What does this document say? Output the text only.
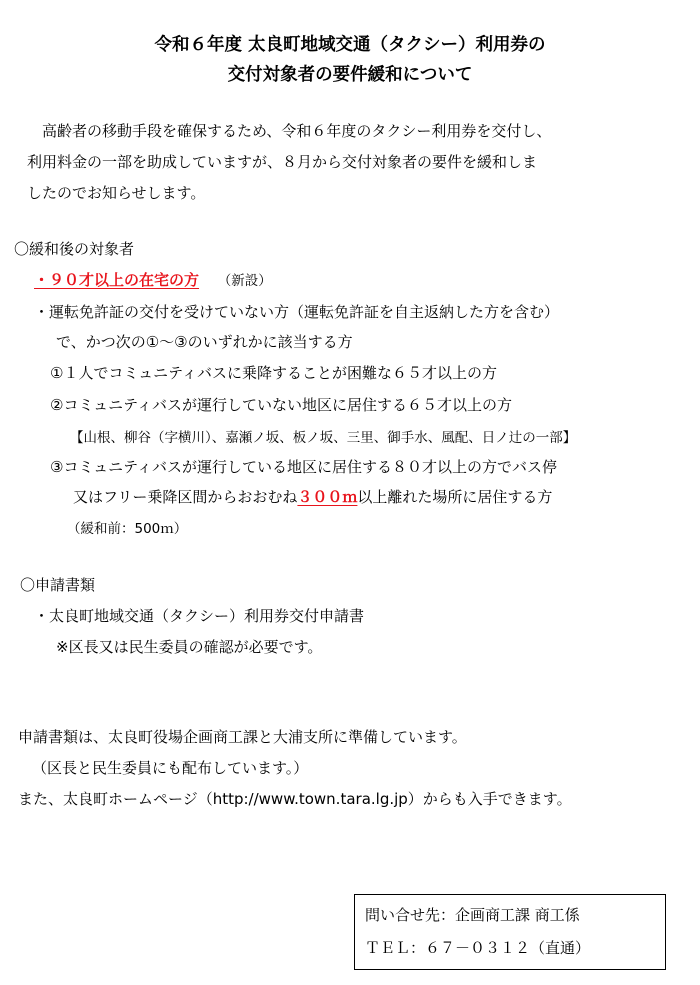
令和６年度 太良町地域交通（タクシー）利用券の
交付対象者の要件緩和について
　高齢者の移動手段を確保するため、令和６年度のタクシー利用券を交付し、
利用料金の一部を助成していますが、８月から交付対象者の要件を緩和しま
したのでお知らせします。
〇緩和後の対象者
・９０才以上の在宅の方 （新設）
・運転免許証の交付を受けていない方（運転免許証を自主返納した方を含む）
で、かつ次の①～③のいずれかに該当する方
①１人でコミュニティバスに乗降することが困難な６５才以上の方
②コミュニティバスが運行していない地区に居住する６５才以上の方
【山根、柳谷（字横川）、嘉瀬ノ坂、板ノ坂、三里、御手水、風配、日ノ辻の一部】
③コミュニティバスが運行している地区に居住する８０才以上の方でバス停
又はフリー乗降区間からおおむね３００ｍ以上離れた場所に居住する方
（緩和前：500ｍ）
〇申請書類
・太良町地域交通（タクシー）利用券交付申請書
※区長又は民生委員の確認が必要です。
申請書類は、太良町役場企画商工課と大浦支所に準備しています。
（区長と民生委員にも配布しています。）
また、太良町ホームページ（http://www.town.tara.lg.jp）からも入手できます。
問い合せ先：企画商工課 商工係
ＴＥＬ：６７－０３１２（直通）
